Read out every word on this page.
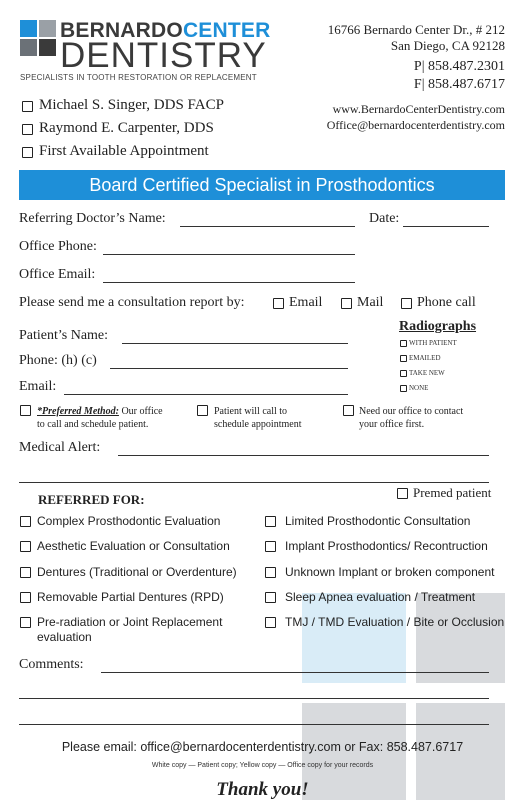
BERNARDOCENTER
DENTISTRY
SPECIALISTS IN TOOTH RESTORATION OR REPLACEMENT
16766 Bernardo Center Dr., # 212
San Diego, CA 92128
P| 858.487.2301
F| 858.487.6717
www.BernardoCenterDentistry.com
Office@bernardocenterdentistry.com
Michael S. Singer, DDS FACP
Raymond E. Carpenter, DDS
First Available Appointment
Board Certified Specialist in Prosthodontics
Referring Doctor’s Name:	Date:
Office Phone:
Office Email:
Please send me a consultation report by:	Email Mail Phone call
Patient’s Name:
Phone: (h) (c)
Email:
Radiographs
WITH PATIENT
EMAILED
TAKE NEW
NONE
*Preferred Method: Our office
to call and schedule patient.
Patient will call to
schedule appointment
Need our office to contact
your office first.
Medical Alert:
REFERRED FOR:	Premed patient
Complex Prosthodontic Evaluation
Aesthetic Evaluation or Consultation
Dentures (Traditional or Overdenture)
Removable Partial Dentures (RPD)
Pre-radiation or Joint Replacement
evaluation
Limited Prosthodontic Consultation
Implant Prosthodontics/ Recontruction
Unknown Implant or broken component
Sleep Apnea evaluation / Treatment
TMJ / TMD Evaluation / Bite or Occlusion
Comments:
Please email: office@bernardocenterdentistry.com or Fax: 858.487.6717
White copy — Patient copy; Yellow copy — Office copy for your records
Thank you!
